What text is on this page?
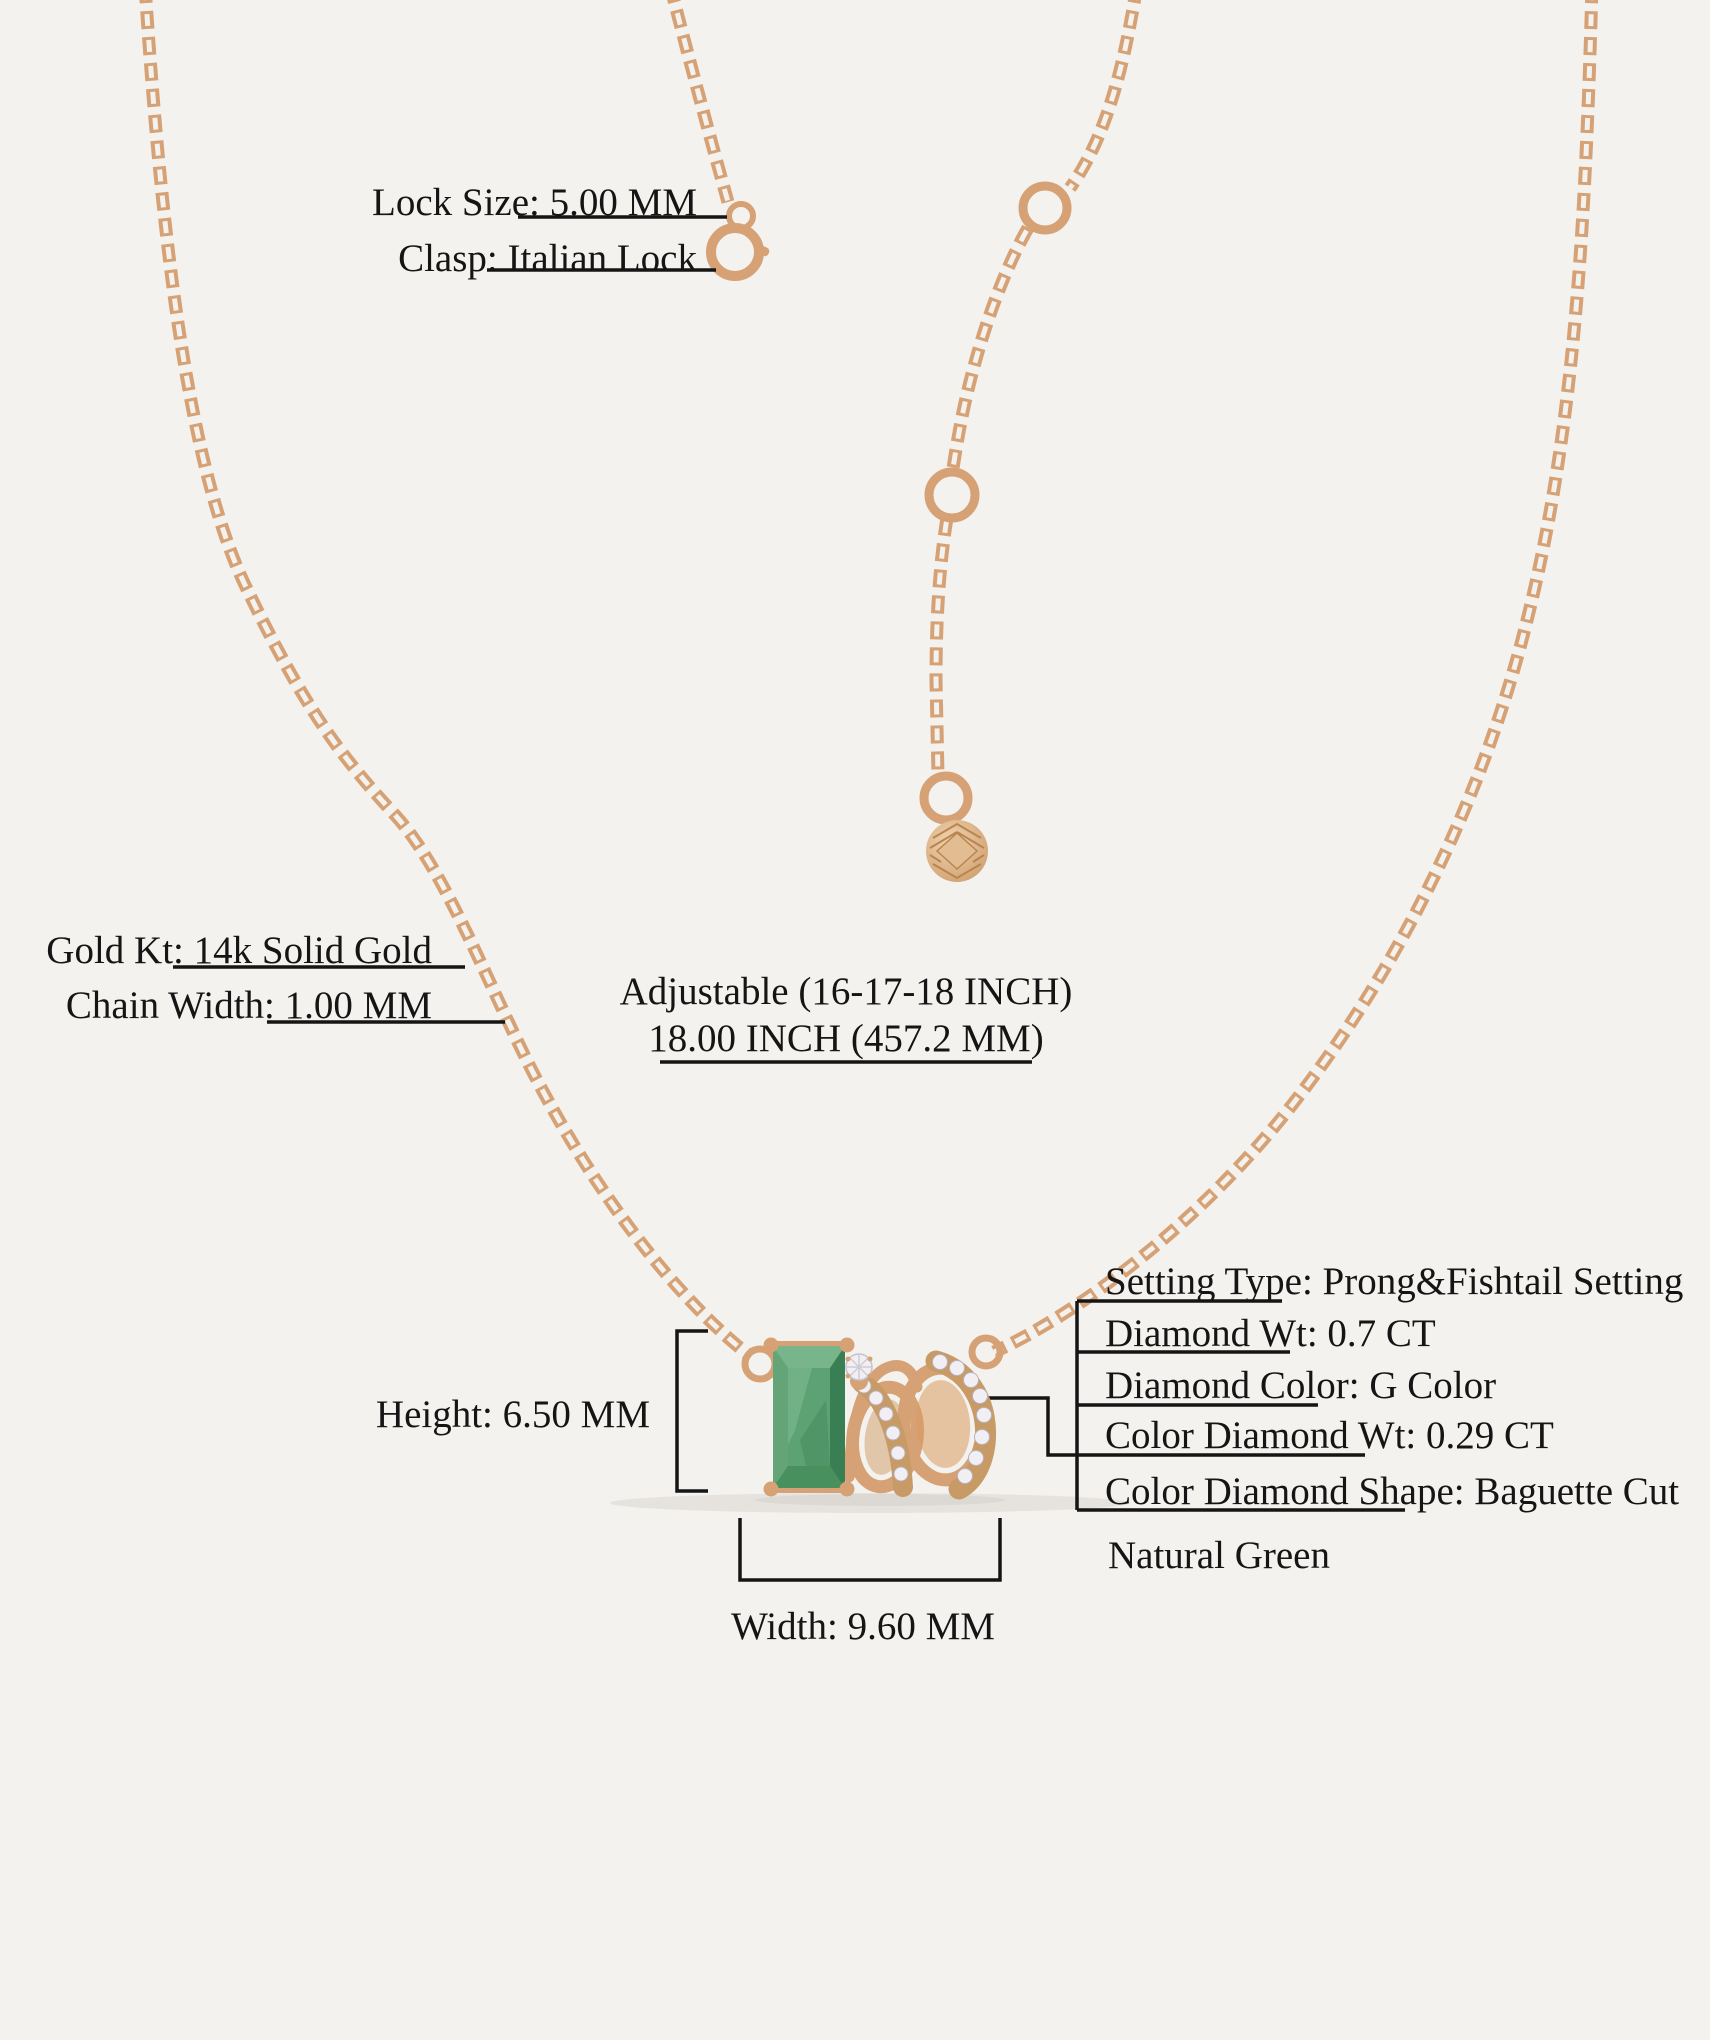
Lock Size: 5.00 MM
Clasp: Italian Lock
Gold Kt: 14k Solid Gold
Chain Width: 1.00 MM	Adjustable (16-17-18 INCH)
18.00 INCH (457.2 MM)
Height: 6.50 MM
Width: 9.60 MM
Setting Type: Prong&Fishtail Setting
Diamond Wt: 0.7 CT
Diamond Color: G Color
Color Diamond Wt: 0.29 CT
Color Diamond Shape: Baguette Cut
Natural Green
